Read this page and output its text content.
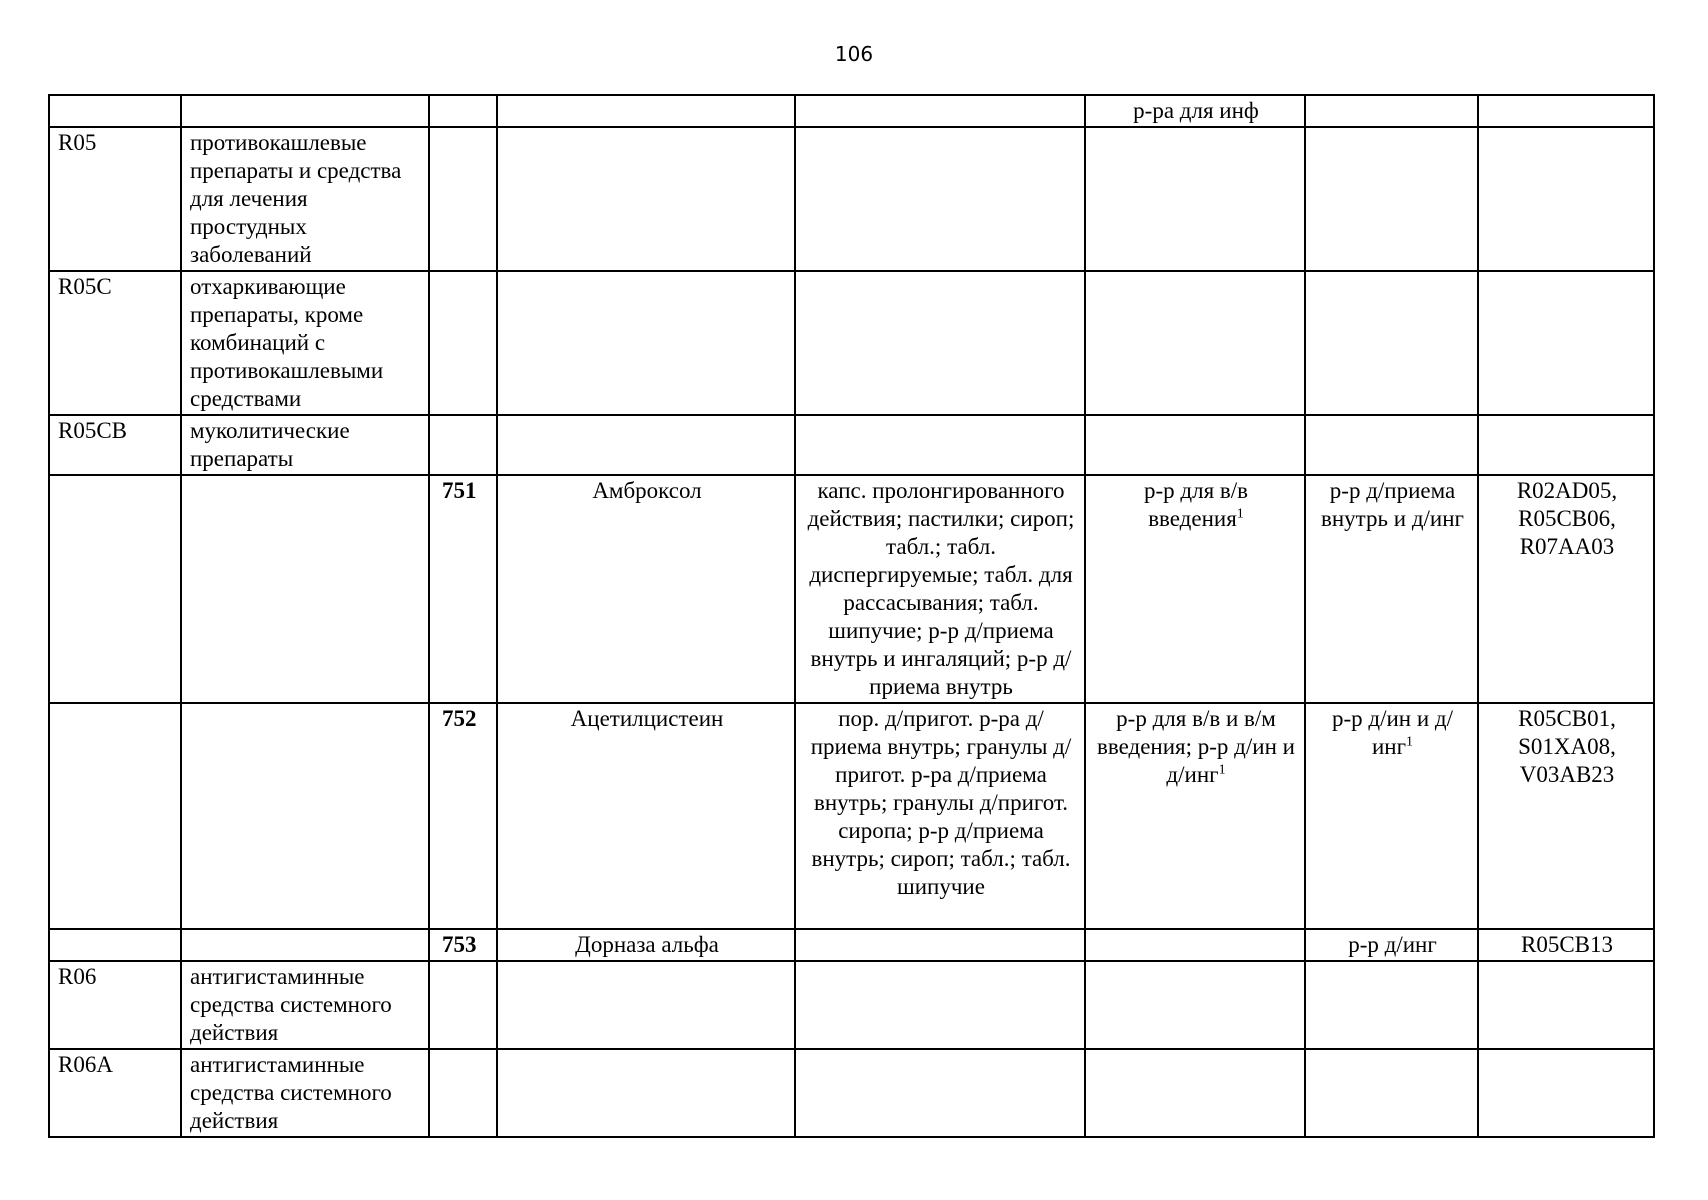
106
					р-ра для инф		
R05	противокашлевые препараты и средства для лечения простудных заболеваний						
R05C	отхаркивающие препараты, кроме комбинаций с противокашлевыми средствами						
R05CB	муколитические препараты						
		751	Амброксол	капс. пролонгированного действия; пастилки; сироп; табл.; табл. диспергируемые; табл. для рассасывания; табл. шипучие; р-р д/приема внутрь и ингаляций; р-р д/приема внутрь	р-р для в/в введения$^1$	р-р д/приема внутрь и д/инг	R02AD05, R05CB06, R07AA03
		752	Ацетилцистеин	пор. д/пригот. р-ра д/приема внутрь; гранулы д/пригот. р-ра д/приема внутрь; гранулы д/пригот. сиропа; р-р д/приема внутрь; сироп; табл.; табл. шипучие	р-р для в/в и в/м введения; р-р д/ин и д/инг$^1$	р-р д/ин и д/инг$^1$	R05CB01, S01XA08, V03AB23
		753	Дорназа альфа			р-р д/инг	R05CB13
R06	антигистаминные средства системного действия						
R06A	антигистаминные средства системного действия						
